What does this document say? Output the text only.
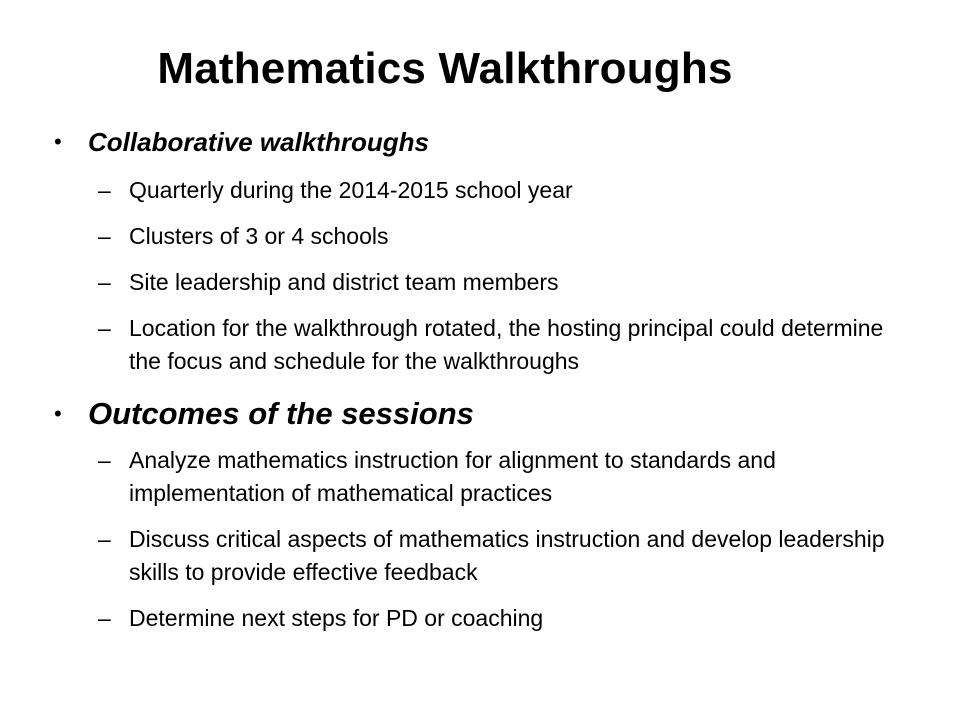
Mathematics Walkthroughs
• Collaborative walkthroughs
– Quarterly during the 2014-2015 school year
– Clusters of 3 or 4 schools
– Site leadership and district team members
– Location for the walkthrough rotated, the hosting principal could determine the focus and schedule for the walkthroughs
• Outcomes of the sessions
– Analyze mathematics instruction for alignment to standards and implementation of mathematical practices
– Discuss critical aspects of mathematics instruction and develop leadership skills to provide effective feedback
– Determine next steps for PD or coaching
